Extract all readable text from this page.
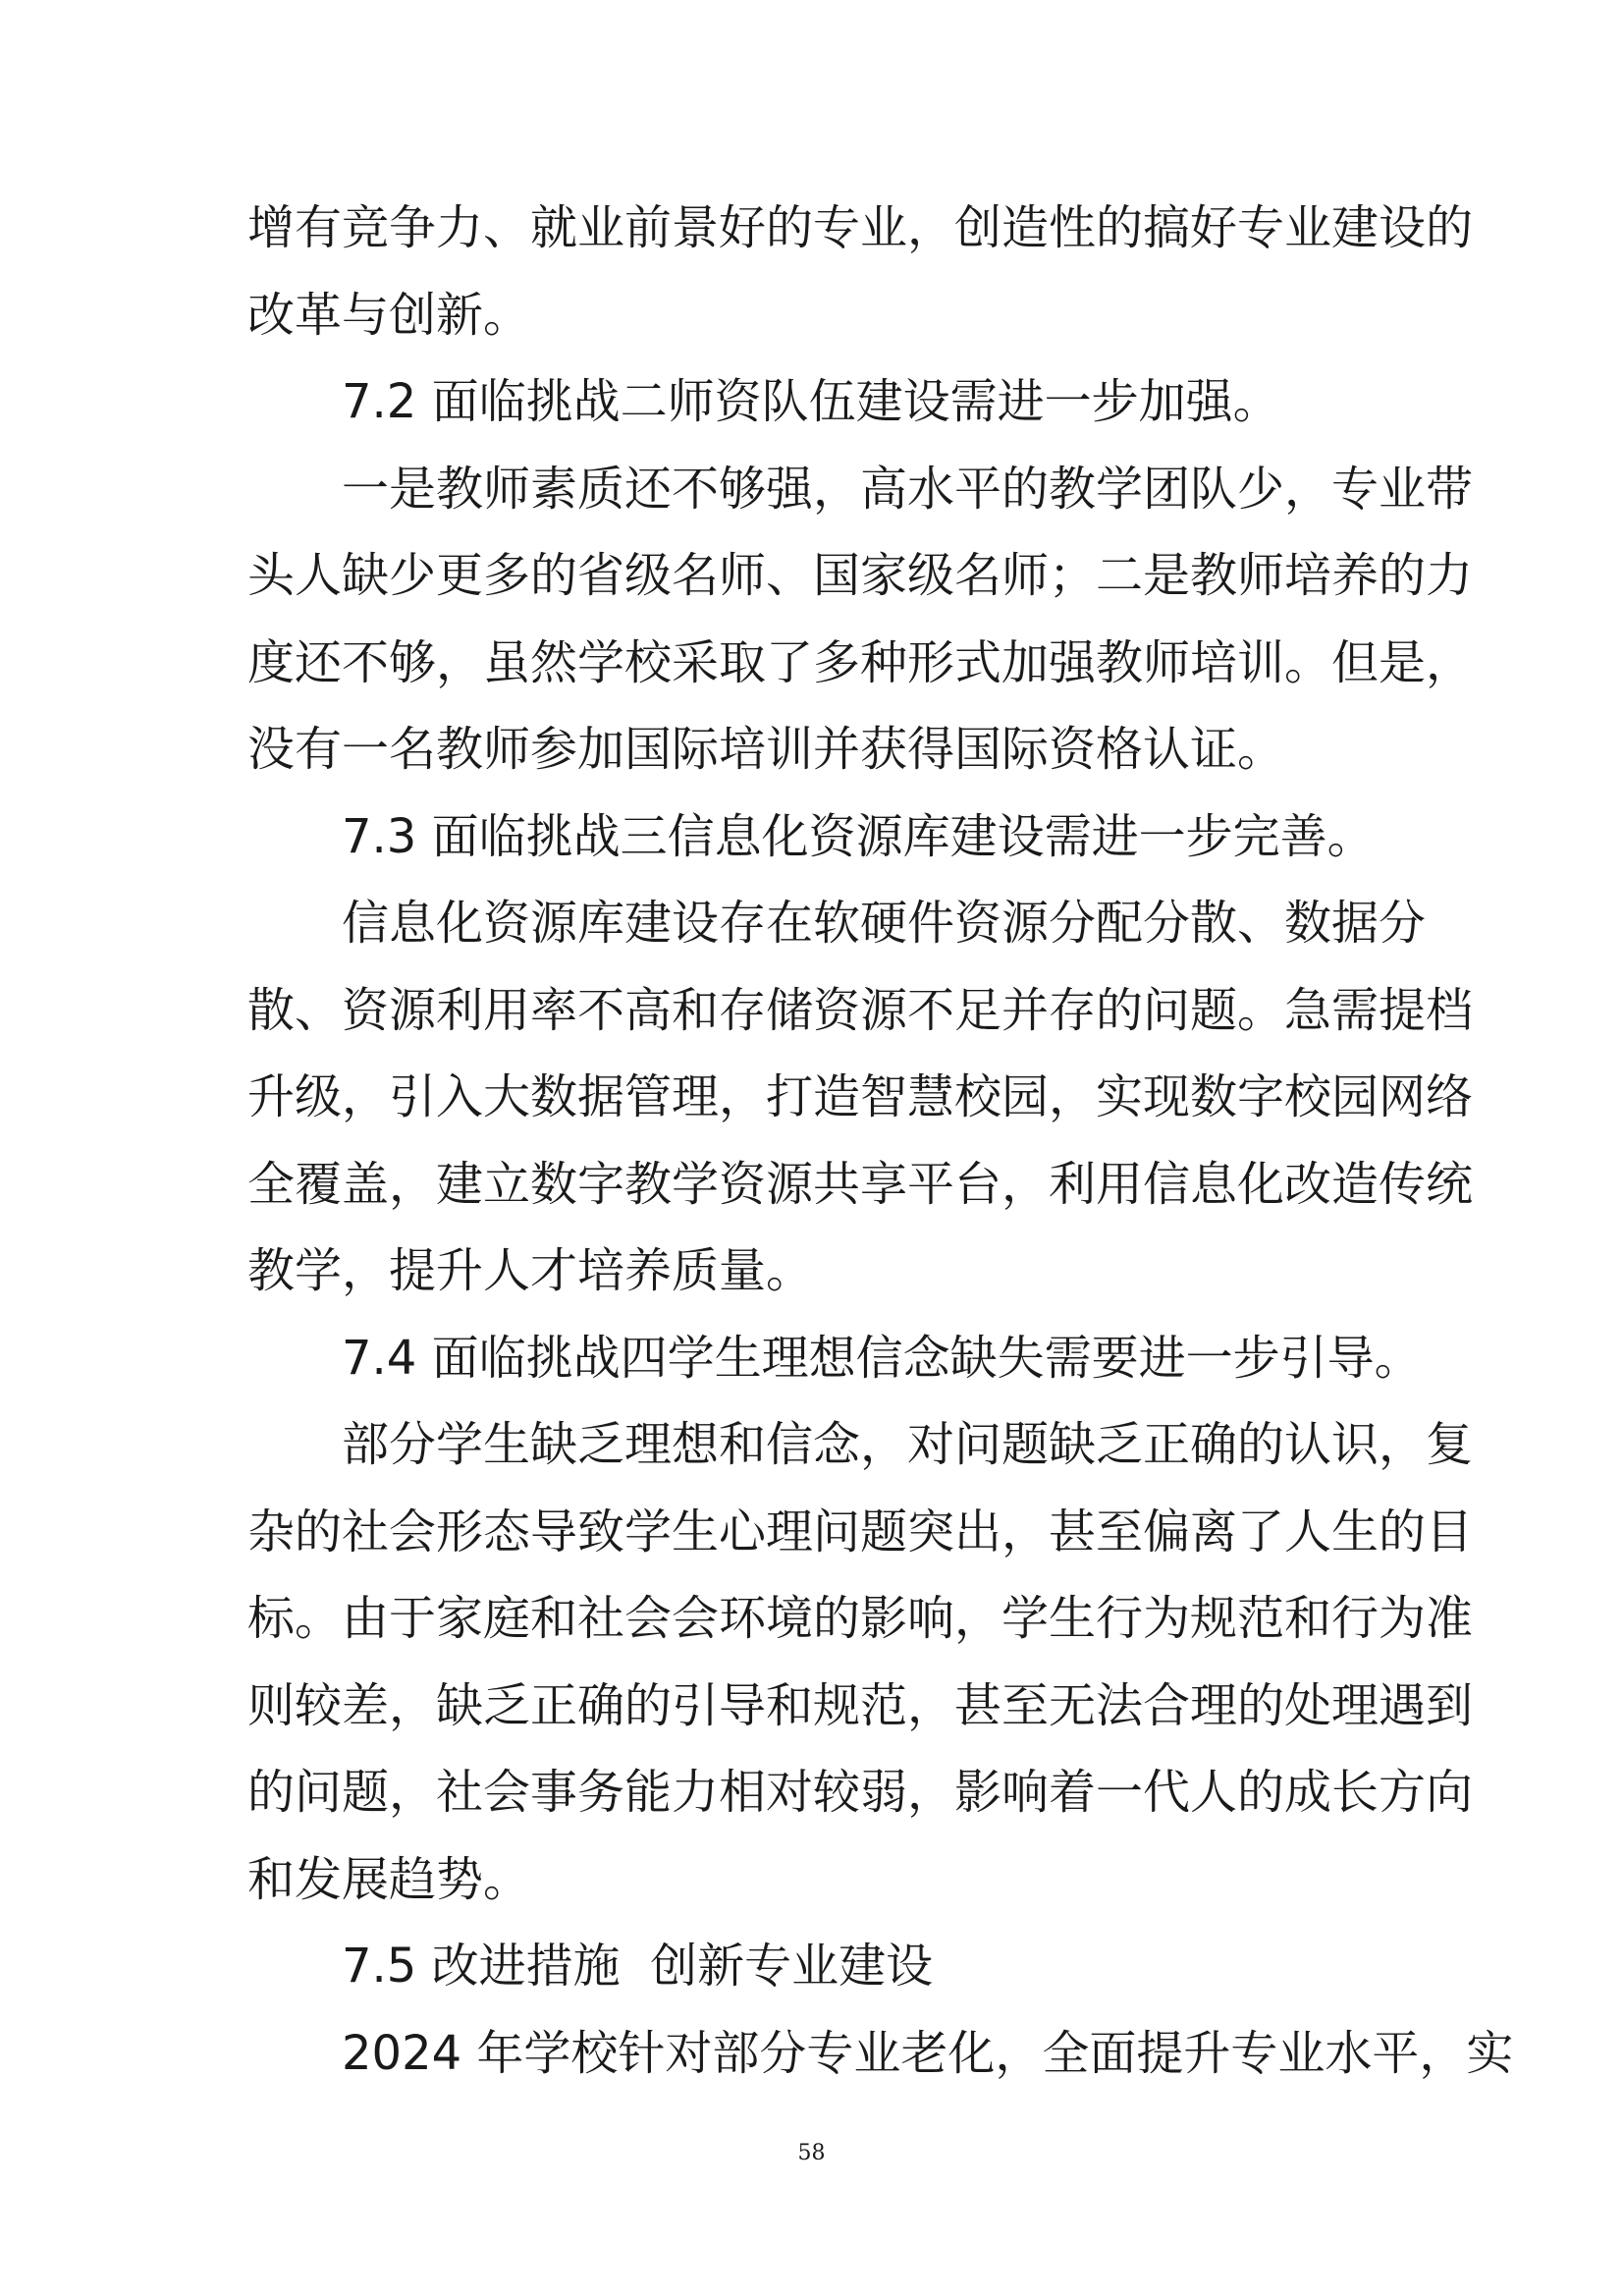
增有竞争力、就业前景好的专业，创造性的搞好专业建设的
改革与创新。
7.2 面临挑战二师资队伍建设需进一步加强。
一是教师素质还不够强，高水平的教学团队少，专业带
头人缺少更多的省级名师、国家级名师；二是教师培养的力
度还不够，虽然学校采取了多种形式加强教师培训。但是，
没有一名教师参加国际培训并获得国际资格认证。
7.3 面临挑战三信息化资源库建设需进一步完善。
信息化资源库建设存在软硬件资源分配分散、数据分
散、资源利用率不高和存储资源不足并存的问题。急需提档
升级，引入大数据管理，打造智慧校园，实现数字校园网络
全覆盖，建立数字教学资源共享平台，利用信息化改造传统
教学，提升人才培养质量。
7.4 面临挑战四学生理想信念缺失需要进一步引导。
部分学生缺乏理想和信念，对问题缺乏正确的认识，复
杂的社会形态导致学生心理问题突出，甚至偏离了人生的目
标。由于家庭和社会会环境的影响，学生行为规范和行为准
则较差，缺乏正确的引导和规范，甚至无法合理的处理遇到
的问题，社会事务能力相对较弱，影响着一代人的成长方向
和发展趋势。
7.5 改进措施  创新专业建设
2024 年学校针对部分专业老化，全面提升专业水平，实
58
